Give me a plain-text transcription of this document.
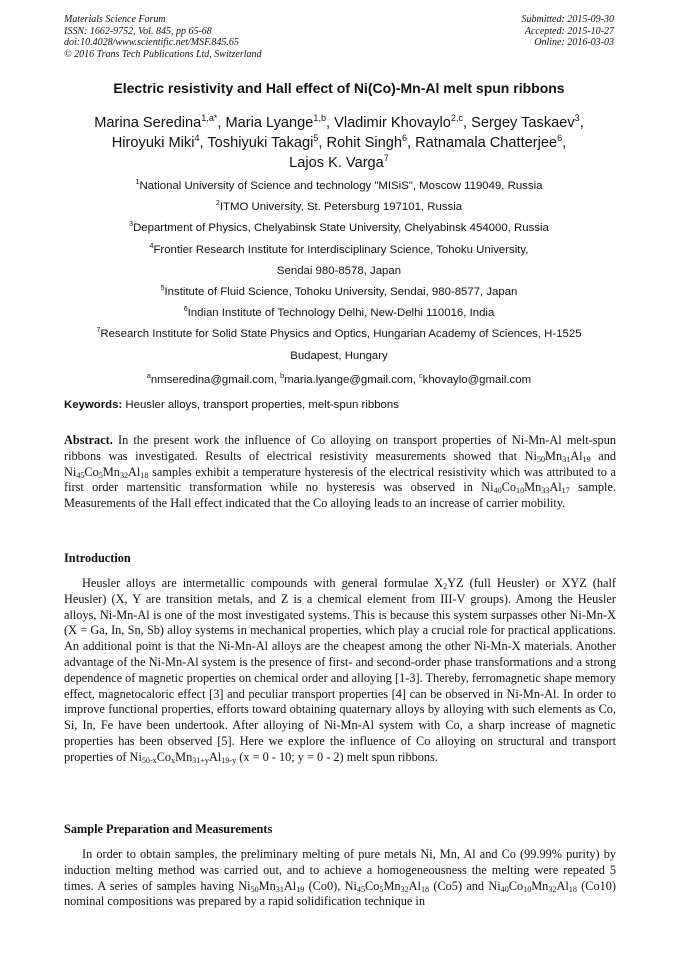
Materials Science Forum
ISSN: 1662-9752, Vol. 845, pp 65-68
doi:10.4028/www.scientific.net/MSF.845.65
© 2016 Trans Tech Publications Ltd, Switzerland
Submitted: 2015-09-30
Accepted: 2015-10-27
Online: 2016-03-03
Electric resistivity and Hall effect of Ni(Co)-Mn-Al melt spun ribbons
Marina Seredina$^{1,a*}$, Maria Lyange$^{1,b}$, Vladimir Khovaylo$^{2,c}$, Sergey Taskaev$^3$,
Hiroyuki Miki$^4$, Toshiyuki Takagi$^5$, Rohit Singh$^6$, Ratnamala Chatterjee$^6$,
Lajos K. Varga$^7$
$^1$National University of Science and technology "MISiS", Moscow 119049, Russia
$^2$ITMO University, St. Petersburg 197101, Russia
$^3$Department of Physics, Chelyabinsk State University, Chelyabinsk 454000, Russia
$^4$Frontier Research Institute for Interdisciplinary Science, Tohoku University,
Sendai 980-8578, Japan
$^5$Institute of Fluid Science, Tohoku University, Sendai, 980-8577, Japan
$^6$Indian Institute of Technology Delhi, New-Delhi 110016, India
$^7$Research Institute for Solid State Physics and Optics, Hungarian Academy of Sciences, H-1525
Budapest, Hungary
$^a$nmseredina@gmail.com, $^b$maria.lyange@gmail.com, $^c$khovaylo@gmail.com
Keywords: Heusler alloys, transport properties, melt-spun ribbons
Abstract. In the present work the influence of Co alloying on transport properties of Ni-Mn-Al melt-spun ribbons was investigated. Results of electrical resistivity measurements showed that $Ni_{50}Mn_{31}Al_{19}$ and $Ni_{45}Co_5Mn_{32}Al_{18}$ samples exhibit a temperature hysteresis of the electrical resistivity which was attributed to a first order martensitic transformation while no hysteresis was observed in $Ni_{40}Co_{10}Mn_{33}Al_{17}$ sample. Measurements of the Hall effect indicated that the Co alloying leads to an increase of carrier mobility.
Introduction
Heusler alloys are intermetallic compounds with general formulae $X_2YZ$ (full Heusler) or XYZ (half Heusler) (X, Y are transition metals, and Z is a chemical element from III-V groups). Among the Heusler alloys, Ni-Mn-Al is one of the most investigated systems. This is because this system surpasses other Ni-Mn-X (X = Ga, In, Sn, Sb) alloy systems in mechanical properties, which play a crucial role for practical applications. An additional point is that the Ni-Mn-Al alloys are the cheapest among the other Ni-Mn-X materials. Another advantage of the Ni-Mn-Al system is the presence of first- and second-order phase transformations and a strong dependence of magnetic properties on chemical order and alloying [1-3]. Thereby, ferromagnetic shape memory effect, magnetocaloric effect [3] and peculiar transport properties [4] can be observed in Ni-Mn-Al. In order to improve functional properties, efforts toward obtaining quaternary alloys by alloying with such elements as Co, Si, In, Fe have been undertook. After alloying of Ni-Mn-Al system with Co, a sharp increase of magnetic properties has been observed [5]. Here we explore the influence of Co alloying on structural and transport properties of $Ni_{50-x}Co_xMn_{31+y}Al_{19-y}$ (x = 0 - 10; y = 0 - 2) melt spun ribbons.
Sample Preparation and Measurements
In order to obtain samples, the preliminary melting of pure metals Ni, Mn, Al and Co (99.99% purity) by induction melting method was carried out, and to achieve a homogeneousness the melting were repeated 5 times. A series of samples having $Ni_{50}Mn_{31}Al_{19}$ (Co0), $Ni_{45}Co_5Mn_{32}Al_{18}$ (Co5) and $Ni_{40}Co_{10}Mn_{32}Al_{18}$ (Co10) nominal compositions was prepared by a rapid solidification technique in
